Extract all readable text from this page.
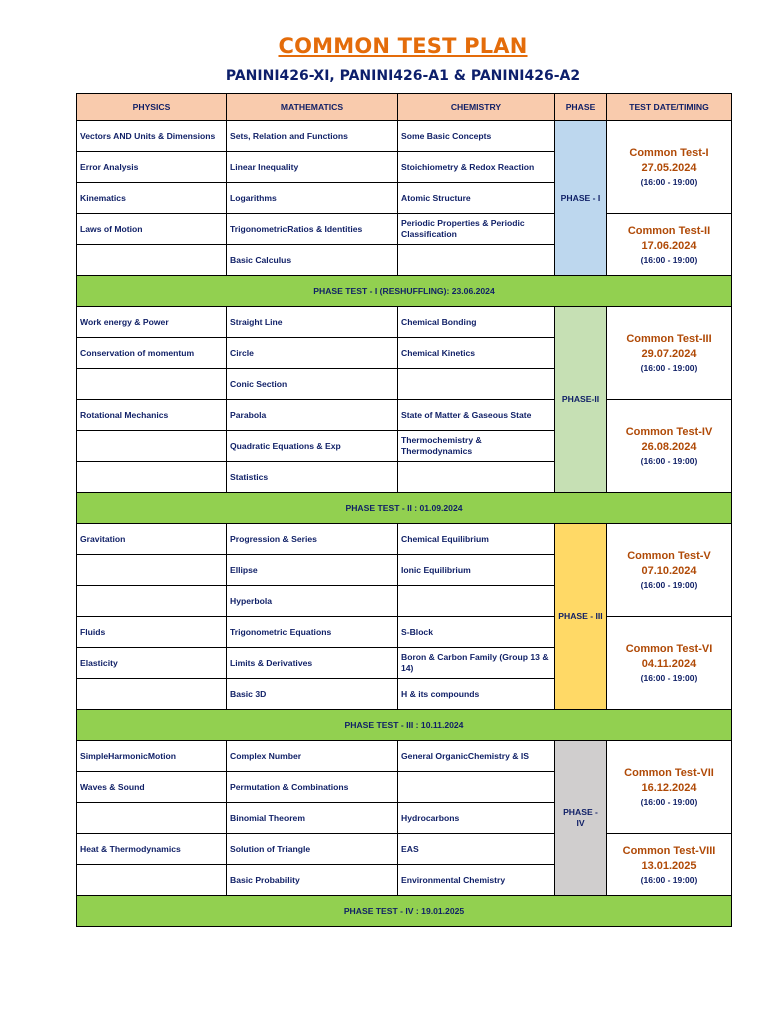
COMMON TEST PLAN
PANINI426-XI, PANINI426-A1 & PANINI426-A2
PHYSICS	MATHEMATICS	CHEMISTRY	PHASE	TEST DATE/TIMING
Vectors AND Units & Dimensions	Sets, Relation and Functions	Some Basic Concepts	PHASE - I	Common Test-I
27.05.2024
(16:00 - 19:00)

Error Analysis	Linear Inequality	Stoichiometry & Redox Reaction		
Kinematics	Logarithms	Atomic Structure		
Laws of Motion	TrigonometricRatios & Identities	Periodic Properties & Periodic Classification		Common Test-II
17.06.2024
(16:00 - 19:00)

	Basic Calculus			
PHASE TEST - I (RESHUFFLING): 23.06.2024				
Work energy & Power	Straight Line	Chemical Bonding	PHASE-II	Common Test-III
29.07.2024
(16:00 - 19:00)

Conservation of momentum	Circle	Chemical Kinetics		
	Conic Section			
Rotational Mechanics	Parabola	State of Matter & Gaseous State		Common Test-IV
26.08.2024
(16:00 - 19:00)

	Quadratic Equations & Exp	Thermochemistry & Thermodynamics		
	Statistics			
PHASE TEST - II : 01.09.2024				
Gravitation	Progression & Series	Chemical Equilibrium	PHASE - III	Common Test-V
07.10.2024
(16:00 - 19:00)

	Ellipse	Ionic Equilibrium		
	Hyperbola			
Fluids	Trigonometric Equations	S-Block		Common Test-VI
04.11.2024
(16:00 - 19:00)

Elasticity	Limits & Derivatives	Boron & Carbon Family (Group 13 & 14)		
	Basic 3D	H & its compounds		
PHASE TEST - III : 10.11.2024				
SimpleHarmonicMotion	Complex Number	General OrganicChemistry & IS	PHASE - IV	Common Test-VII
16.12.2024
(16:00 - 19:00)

Waves & Sound	Permutation & Combinations			
	Binomial Theorem	Hydrocarbons		
Heat & Thermodynamics	Solution of Triangle	EAS		Common Test-VIII
13.01.2025
(16:00 - 19:00)

	Basic Probability	Environmental Chemistry		
PHASE TEST - IV : 19.01.2025				
